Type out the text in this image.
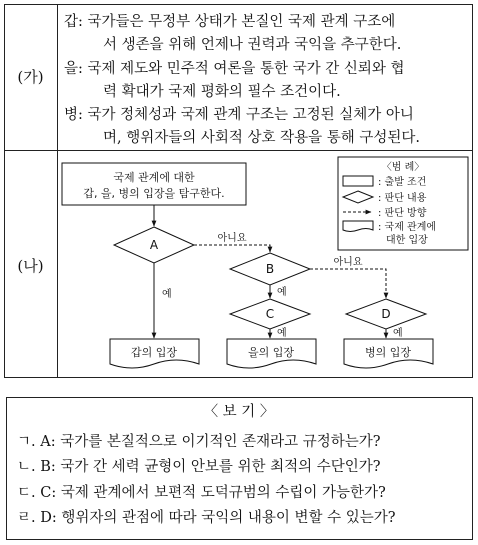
(가)
갑: 국가들은 무정부 상태가 본질인 국제 관계 구조에
서 생존을 위해 언제나 권력과 국익을 추구한다.
을: 국제 제도와 민주적 여론을 통한 국가 간 신뢰와 협
력 확대가 국제 평화의 필수 조건이다.
병: 국가 정체성과 국제 관계 구조는 고정된 실체가 아니
며, 행위자들의 사회적 상호 작용을 통해 구성된다.
(나)
국제 관계에 대한
갑, 을, 병의 입장을 탐구한다.
A
B
C	D
아니요
아니요
예	예
예	예
갑의 입장	을의 입장	병의 입장
〈범 례〉
: 출발 조건
: 판단 내용
: 판단 방향
: 국제 관계에
대한 입장
〈 보 기 〉
ㄱ. A: 국가를 본질적으로 이기적인 존재라고 규정하는가?
ㄴ. B: 국가 간 세력 균형이 안보를 위한 최적의 수단인가?
ㄷ. C: 국제 관계에서 보편적 도덕규범의 수립이 가능한가?
ㄹ. D: 행위자의 관점에 따라 국익의 내용이 변할 수 있는가?
